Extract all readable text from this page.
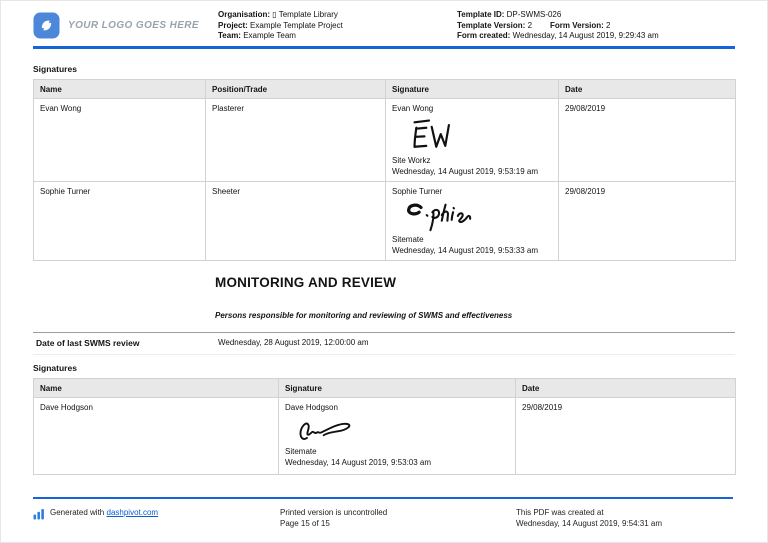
YOUR LOGO GOES HERE
Organisation: ▯ Template Library
Project: Example Template Project
Team: Example Team
Template ID: DP-SWMS-026
Template Version: 2 Form Version: 2
Form created: Wednesday, 14 August 2019, 9:29:43 am
Signatures
Name	Position/Trade	Signature	Date
Evan Wong	Plasterer	Evan Wong
Site Workz
Wednesday, 14 August 2019, 9:53:19 am	29/08/2019
Sophie Turner	Sheeter	Sophie Turner
Sitemate
Wednesday, 14 August 2019, 9:53:33 am	29/08/2019
MONITORING AND REVIEW
Persons responsible for monitoring and reviewing of SWMS and effectiveness
Date of last SWMS review	Wednesday, 28 August 2019, 12:00:00 am
Signatures
Name	Signature	Date
Dave Hodgson	Dave Hodgson
Sitemate
Wednesday, 14 August 2019, 9:53:03 am	29/08/2019
Generated with dashpivot.com	Printed version is uncontrolled
Page 15 of 15
This PDF was created at
Wednesday, 14 August 2019, 9:54:31 am
